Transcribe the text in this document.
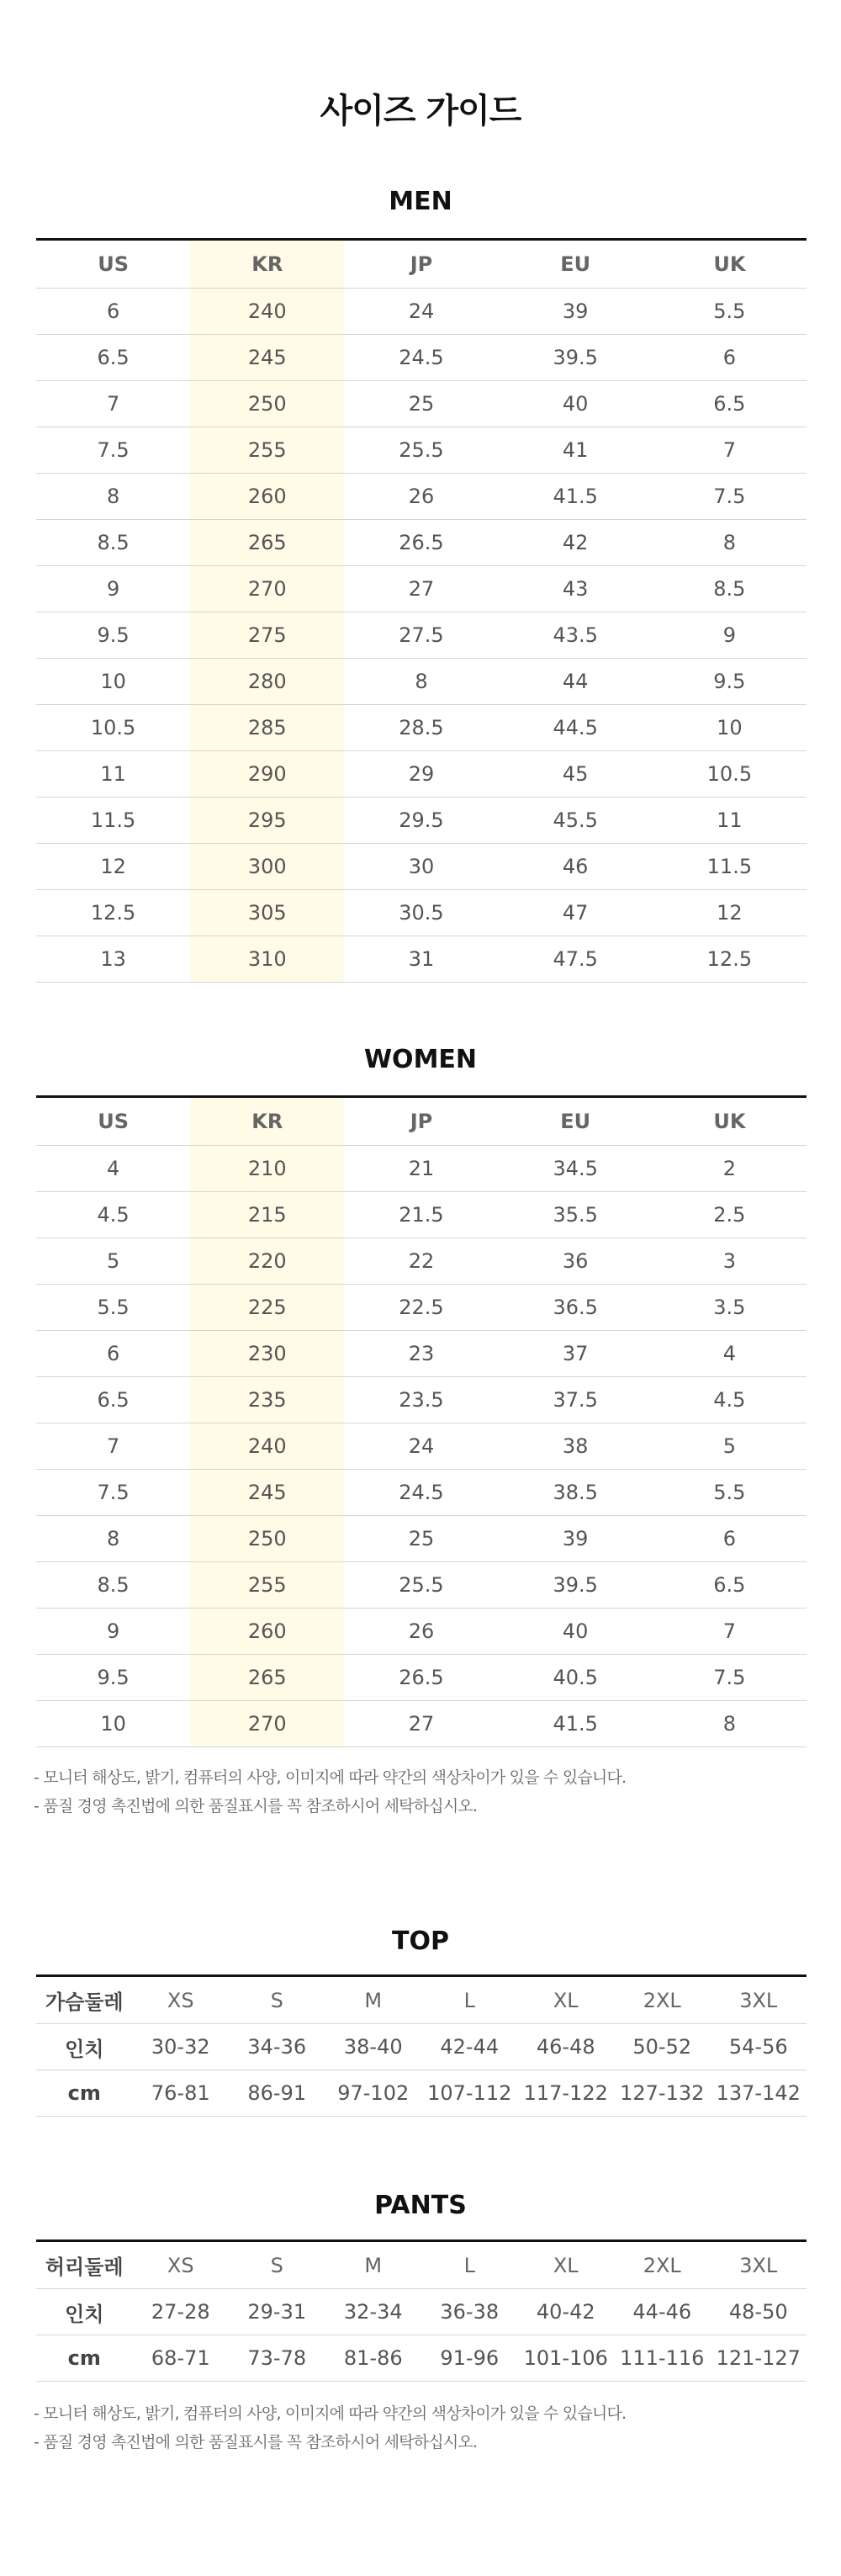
사이즈 가이드
MEN
US	KR	JP	EU	UK
6	240	24	39	5.5
6.5	245	24.5	39.5	6
7	250	25	40	6.5
7.5	255	25.5	41	7
8	260	26	41.5	7.5
8.5	265	26.5	42	8
9	270	27	43	8.5
9.5	275	27.5	43.5	9
10	280	8	44	9.5
10.5	285	28.5	44.5	10
11	290	29	45	10.5
11.5	295	29.5	45.5	11
12	300	30	46	11.5
12.5	305	30.5	47	12
13	310	31	47.5	12.5
WOMEN
US	KR	JP	EU	UK
4	210	21	34.5	2
4.5	215	21.5	35.5	2.5
5	220	22	36	3
5.5	225	22.5	36.5	3.5
6	230	23	37	4
6.5	235	23.5	37.5	4.5
7	240	24	38	5
7.5	245	24.5	38.5	5.5
8	250	25	39	6
8.5	255	25.5	39.5	6.5
9	260	26	40	7
9.5	265	26.5	40.5	7.5
10	270	27	41.5	8
- 모니터 해상도, 밝기, 컴퓨터의 사양, 이미지에 따라 약간의 색상차이가 있을 수 있습니다.
- 품질 경영 촉진법에 의한 품질표시를 꼭 참조하시어 세탁하십시오.
TOP
가슴둘레	XS	S	M	L	XL	2XL	3XL
인치	30-32	34-36	38-40	42-44	46-48	50-52	54-56
cm	76-81	86-91	97-102	107-112	117-122	127-132	137-142
PANTS
허리둘레	XS	S	M	L	XL	2XL	3XL
인치	27-28	29-31	32-34	36-38	40-42	44-46	48-50
cm	68-71	73-78	81-86	91-96	101-106	111-116	121-127
- 모니터 해상도, 밝기, 컴퓨터의 사양, 이미지에 따라 약간의 색상차이가 있을 수 있습니다.
- 품질 경영 촉진법에 의한 품질표시를 꼭 참조하시어 세탁하십시오.
